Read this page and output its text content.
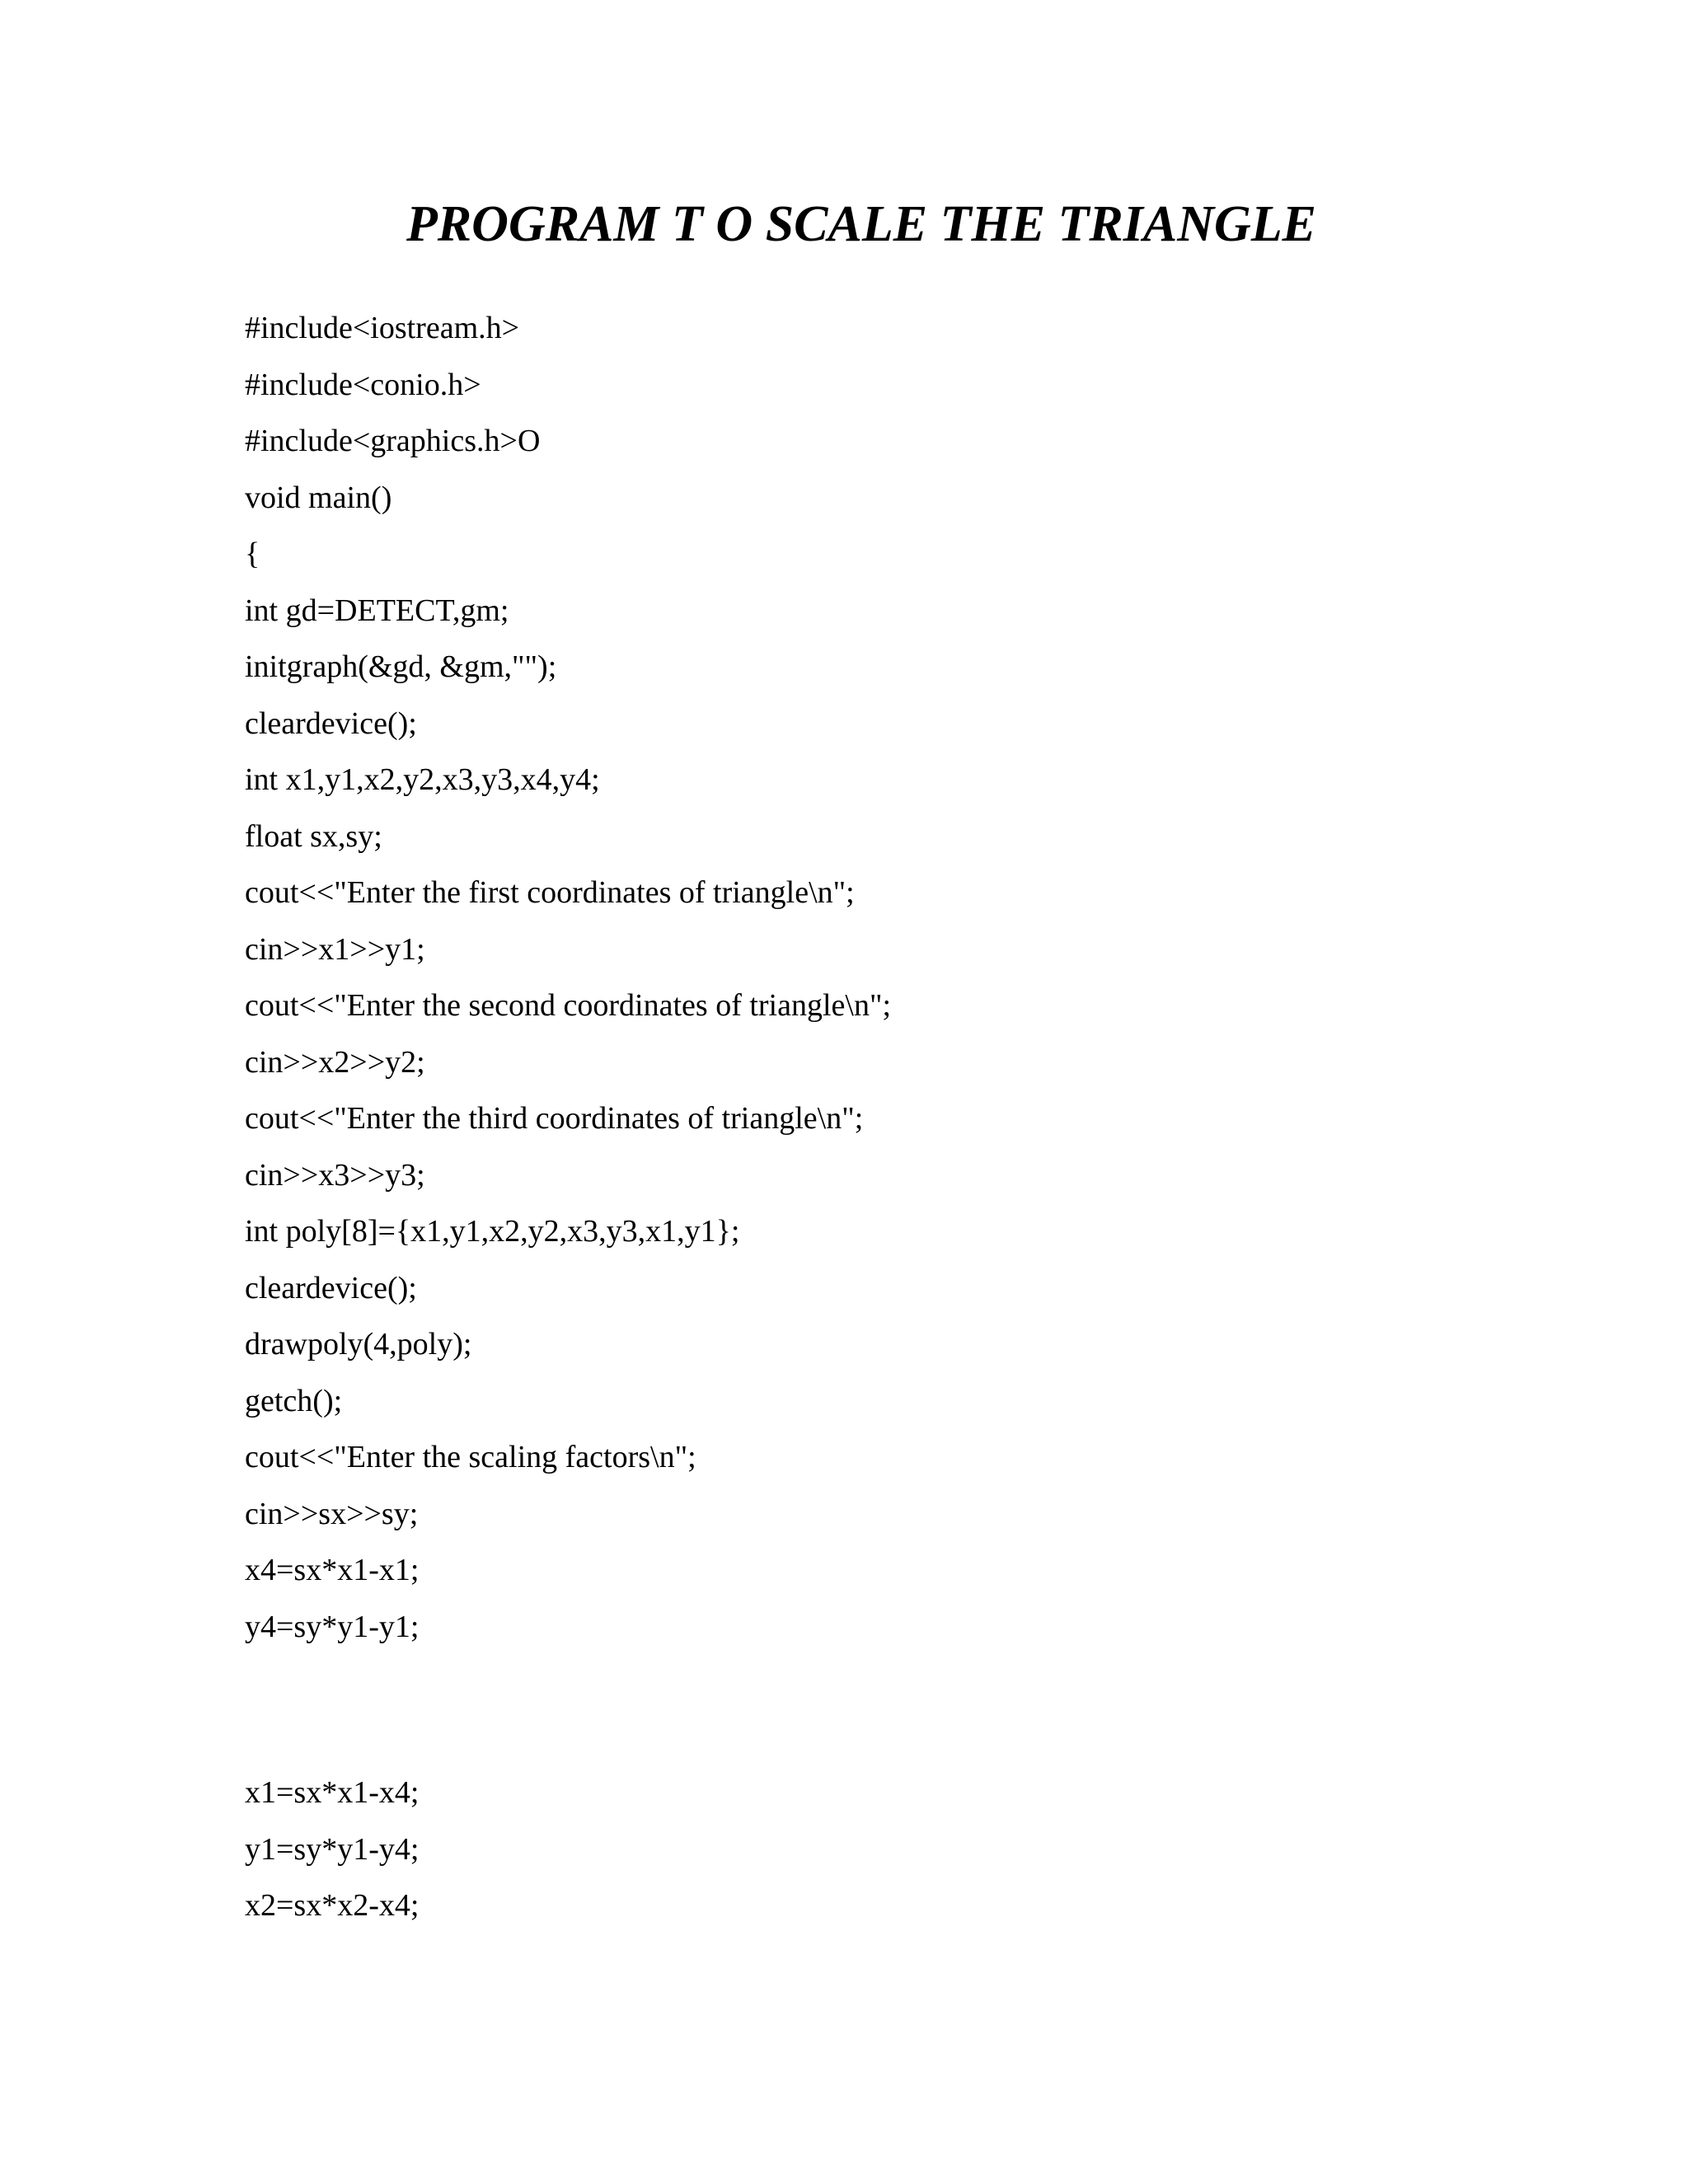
PROGRAM T O SCALE THE TRIANGLE
#include<iostream.h>
#include<conio.h>
#include<graphics.h>O
void main()
{
int gd=DETECT,gm;
initgraph(&gd, &gm,"");
cleardevice();
int x1,y1,x2,y2,x3,y3,x4,y4;
float sx,sy;
cout<<"Enter the first coordinates of triangle\n";
cin>>x1>>y1;
cout<<"Enter the second coordinates of triangle\n";
cin>>x2>>y2;
cout<<"Enter the third coordinates of triangle\n";
cin>>x3>>y3;
int poly[8]={x1,y1,x2,y2,x3,y3,x1,y1};
cleardevice();
drawpoly(4,poly);
getch();
cout<<"Enter the scaling factors\n";
cin>>sx>>sy;
x4=sx*x1-x1;
y4=sy*y1-y1;
x1=sx*x1-x4;
y1=sy*y1-y4;
x2=sx*x2-x4;
